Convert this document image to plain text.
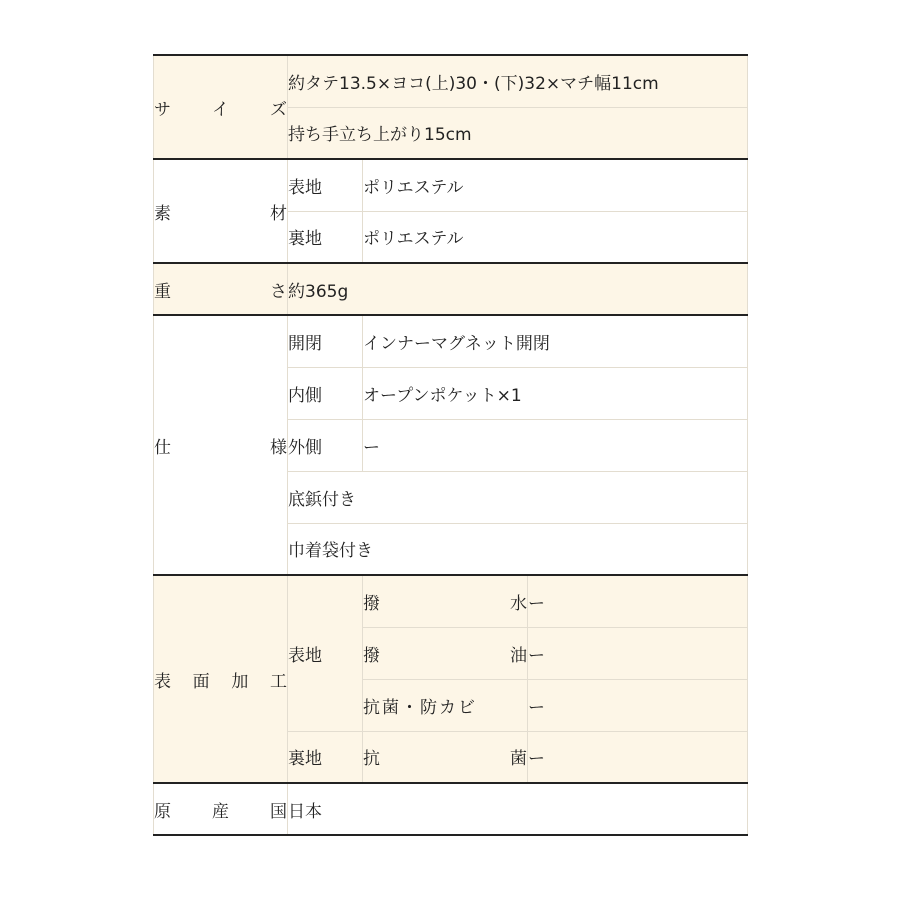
サ イ ズ	約タテ13.5×ヨコ(上)30・(下)32×マチ幅11cm		
	持ち手立ち上がり15cm		

素 材	表地	ポリエステル	
	裏地	ポリエステル	

重 さ	約365g		

仕 様	開閉	インナーマグネット開閉	
	内側	オープンポケット×1	
	外側	ー	
	底鋲付き		
	巾着袋付き		

表 面 加 工	表地	撥 水	ー

		撥 油	ー
		抗菌・防カビ	ー
	裏地	抗 菌	ー

原 産 国	日本		
